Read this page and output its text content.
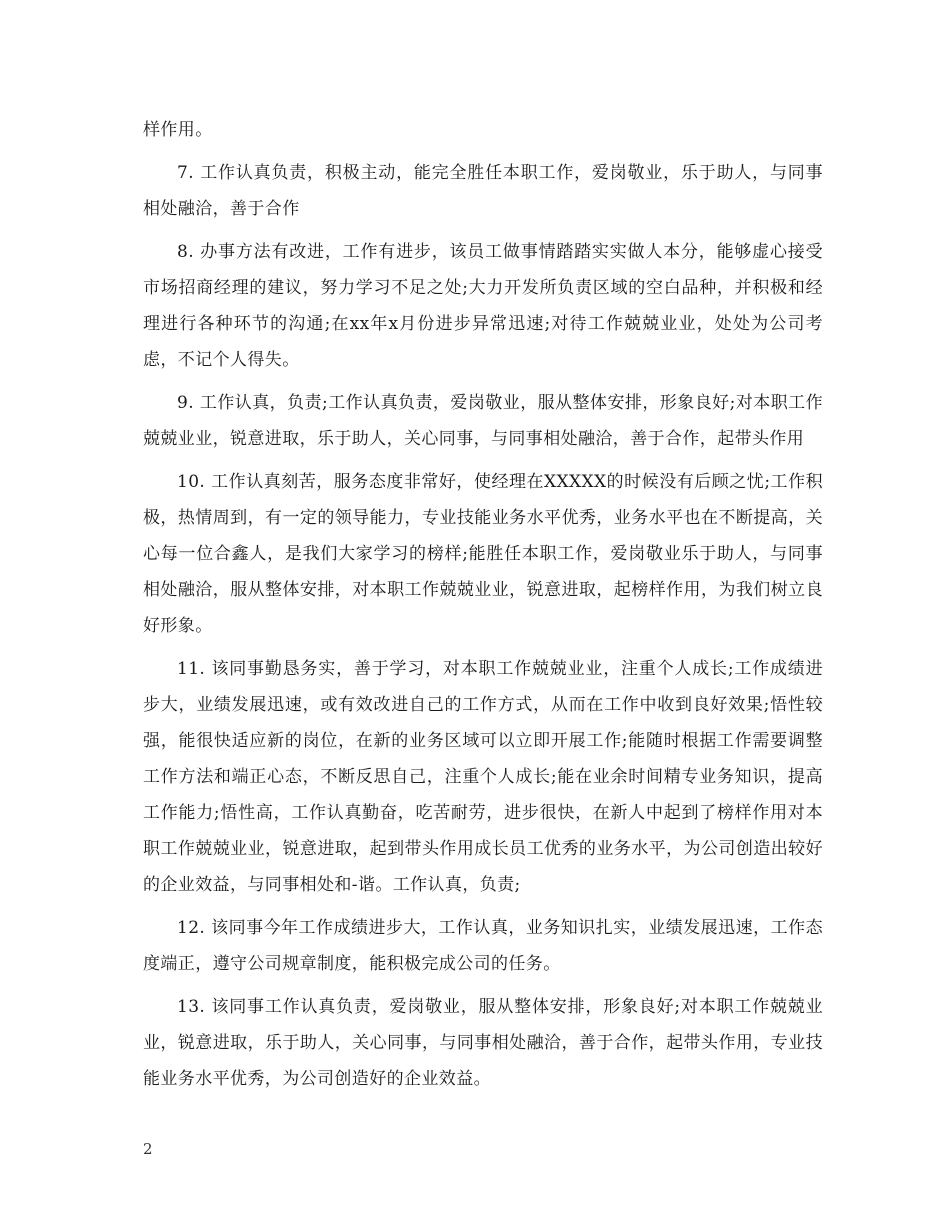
样作用。

7. 工作认真负责，积极主动，能完全胜任本职工作，爱岗敬业，乐于助人，与同事相处融洽，善于合作

8. 办事方法有改进，工作有进步，该员工做事情踏踏实实做人本分，能够虚心接受市场招商经理的建议，努力学习不足之处;大力开发所负责区域的空白品种，并积极和经理进行各种环节的沟通;在xx年x月份进步异常迅速;对待工作兢兢业业，处处为公司考虑，不记个人得失。

9. 工作认真，负责;工作认真负责，爱岗敬业，服从整体安排，形象良好;对本职工作兢兢业业，锐意进取，乐于助人，关心同事，与同事相处融洽，善于合作，起带头作用

10. 工作认真刻苦，服务态度非常好，使经理在XXXXX的时候没有后顾之忧;工作积极，热情周到，有一定的领导能力，专业技能业务水平优秀，业务水平也在不断提高，关心每一位合鑫人，是我们大家学习的榜样;能胜任本职工作，爱岗敬业乐于助人，与同事相处融洽，服从整体安排，对本职工作兢兢业业，锐意进取，起榜样作用，为我们树立良好形象。

11. 该同事勤恳务实，善于学习，对本职工作兢兢业业，注重个人成长;工作成绩进步大，业绩发展迅速，或有效改进自己的工作方式，从而在工作中收到良好效果;悟性较强，能很快适应新的岗位，在新的业务区域可以立即开展工作;能随时根据工作需要调整工作方法和端正心态，不断反思自己，注重个人成长;能在业余时间精专业务知识，提高工作能力;悟性高，工作认真勤奋，吃苦耐劳，进步很快，在新人中起到了榜样作用对本职工作兢兢业业，锐意进取，起到带头作用成长员工优秀的业务水平，为公司创造出较好的企业效益，与同事相处和-谐。工作认真，负责;

12. 该同事今年工作成绩进步大，工作认真，业务知识扎实，业绩发展迅速，工作态度端正，遵守公司规章制度，能积极完成公司的任务。

13. 该同事工作认真负责，爱岗敬业，服从整体安排，形象良好;对本职工作兢兢业业，锐意进取，乐于助人，关心同事，与同事相处融洽，善于合作，起带头作用，专业技能业务水平优秀，为公司创造好的企业效益。

2
